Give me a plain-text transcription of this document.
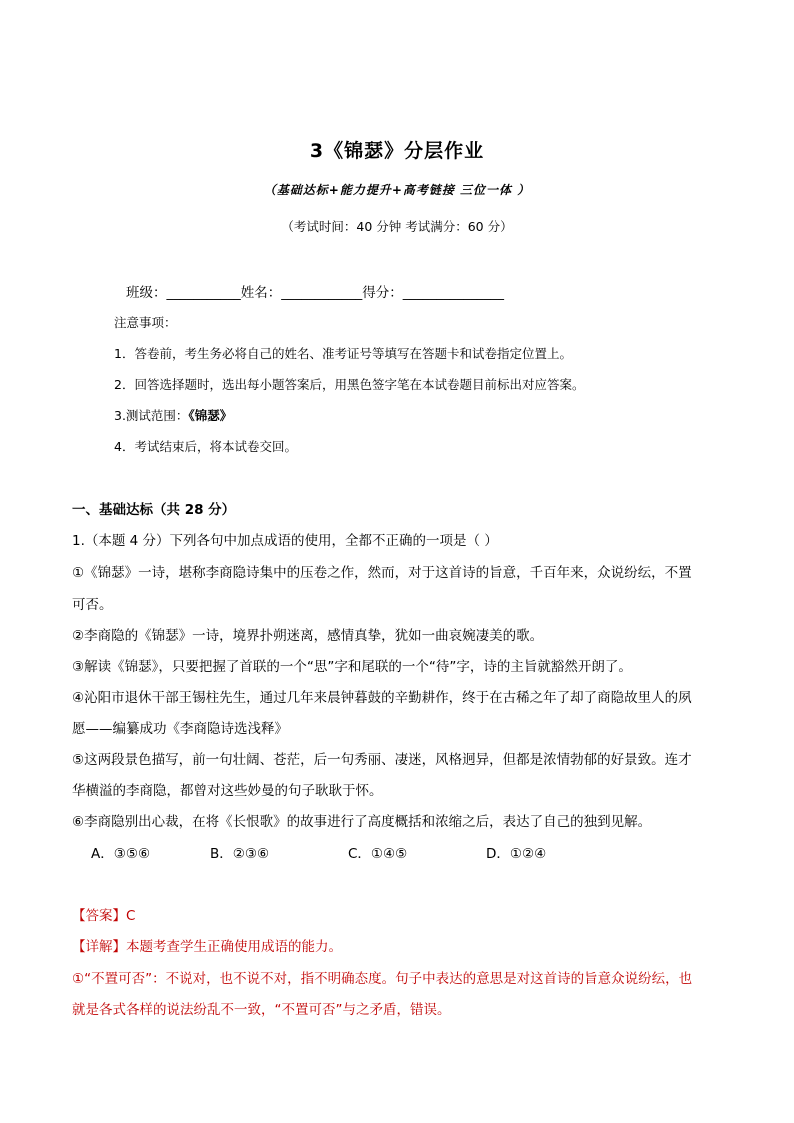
3《锦瑟》分层作业
（基础达标+能力提升+高考链接 三位一体 ）
（考试时间：40 分钟 考试满分：60 分）
班级：___________姓名：____________得分：_______________
注意事项：
1．答卷前，考生务必将自己的姓名、准考证号等填写在答题卡和试卷指定位置上。
2．回答选择题时，选出每小题答案后，用黑色签字笔在本试卷题目前标出对应答案。
3.测试范围：《锦瑟》
4．考试结束后，将本试卷交回。
一、基础达标（共 28 分）
1.（本题 4 分）下列各句中加点成语的使用，全都不正确的一项是（ ）
①《锦瑟》一诗，堪称李商隐诗集中的压卷之作，然而，对于这首诗的旨意，千百年来，众说纷纭，不置
可否。
②李商隐的《锦瑟》一诗，境界扑朔迷离，感情真挚，犹如一曲哀婉凄美的歌。
③解读《锦瑟》，只要把握了首联的一个“思”字和尾联的一个“待”字，诗的主旨就豁然开朗了。
④沁阳市退休干部王锡柱先生，通过几年来晨钟暮鼓的辛勤耕作，终于在古稀之年了却了商隐故里人的夙
愿——编纂成功《李商隐诗选浅释》
⑤这两段景色描写，前一句壮阔、苍茫，后一句秀丽、凄迷，风格迥异，但都是浓情勃郁的好景致。连才
华横溢的李商隐，都曾对这些妙曼的句子耿耿于怀。
⑥李商隐别出心裁，在将《长恨歌》的故事进行了高度概括和浓缩之后，表达了自己的独到见解。
A．③⑤⑥	B．②③⑥	C．①④⑤	D．①②④
【答案】C
【详解】本题考查学生正确使用成语的能力。
①“不置可否”：不说对，也不说不对，指不明确态度。句子中表达的意思是对这首诗的旨意众说纷纭，也
就是各式各样的说法纷乱不一致，“不置可否”与之矛盾，错误。
